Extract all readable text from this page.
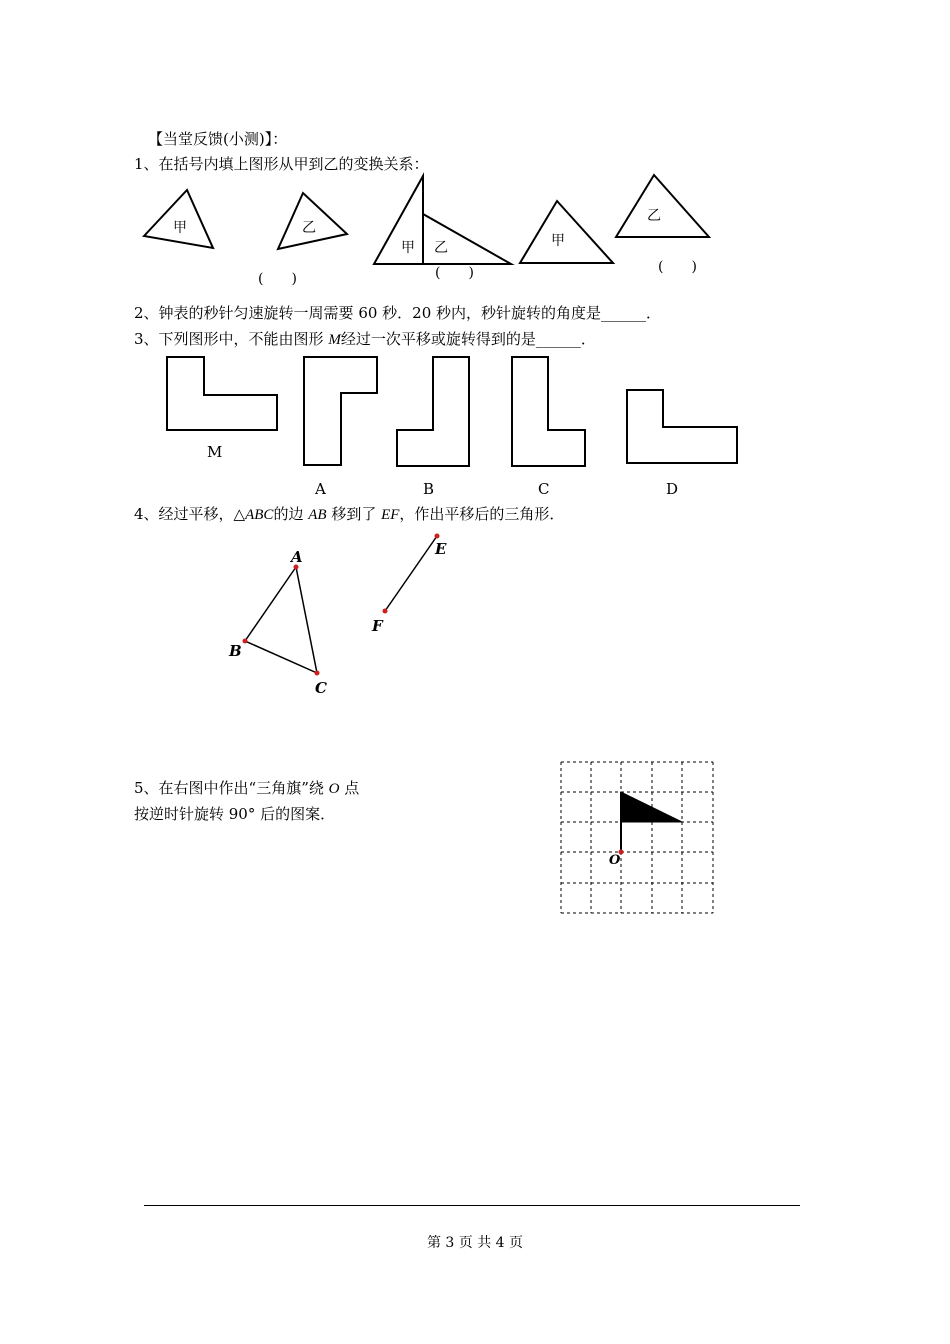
【当堂反馈(小测)】：
1、在括号内填上图形从甲到乙的变换关系：
2、钟表的秒针匀速旋转一周需要 60 秒．20 秒内，秒针旋转的角度是______．
3、下列图形中，不能由图形 M经过一次平移或旋转得到的是______．
4、经过平移，△ABC的边 AB 移到了 EF，作出平移后的三角形．
5、在右图中作出“三角旗”绕 O 点
按逆时针旋转 90° 后的图案．
甲	乙
甲 乙	甲
乙
(　　)	(　　)	(　　)
M
A	B	C	D
A
B
C
E
F
O
第 3 页 共 4 页
